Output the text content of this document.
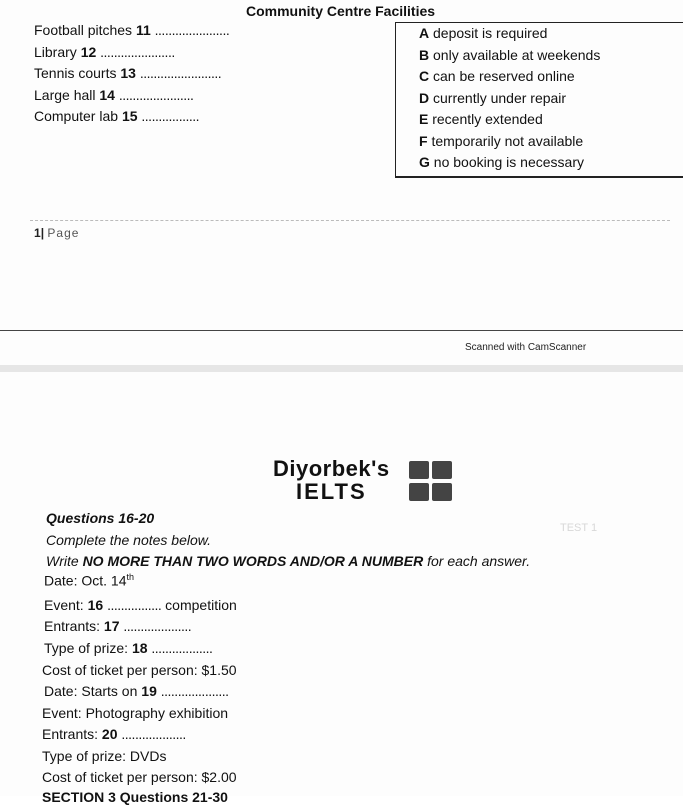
Community Centre Facilities
Football pitches 11 ......................
Library 12 ......................
Tennis courts 13 ........................
Large hall 14 ......................
Computer lab 15 .................
A deposit is required
B only available at weekends
C can be reserved online
D currently under repair
E recently extended
F temporarily not available
G no booking is necessary
1| Page
Scanned with CamScanner
Diyorbek's
IELTS
TEST 1
Questions 16-20
Complete the notes below.
Write NO MORE THAN TWO WORDS AND/OR A NUMBER for each answer.
Date: Oct. 14th
Event: 16 ................ competition
Entrants: 17 ....................
Type of prize: 18 ..................
Cost of ticket per person: $1.50
Date: Starts on 19 ....................
Event: Photography exhibition
Entrants: 20 ...................
Type of prize: DVDs
Cost of ticket per person: $2.00
SECTION 3 Questions 21-30
